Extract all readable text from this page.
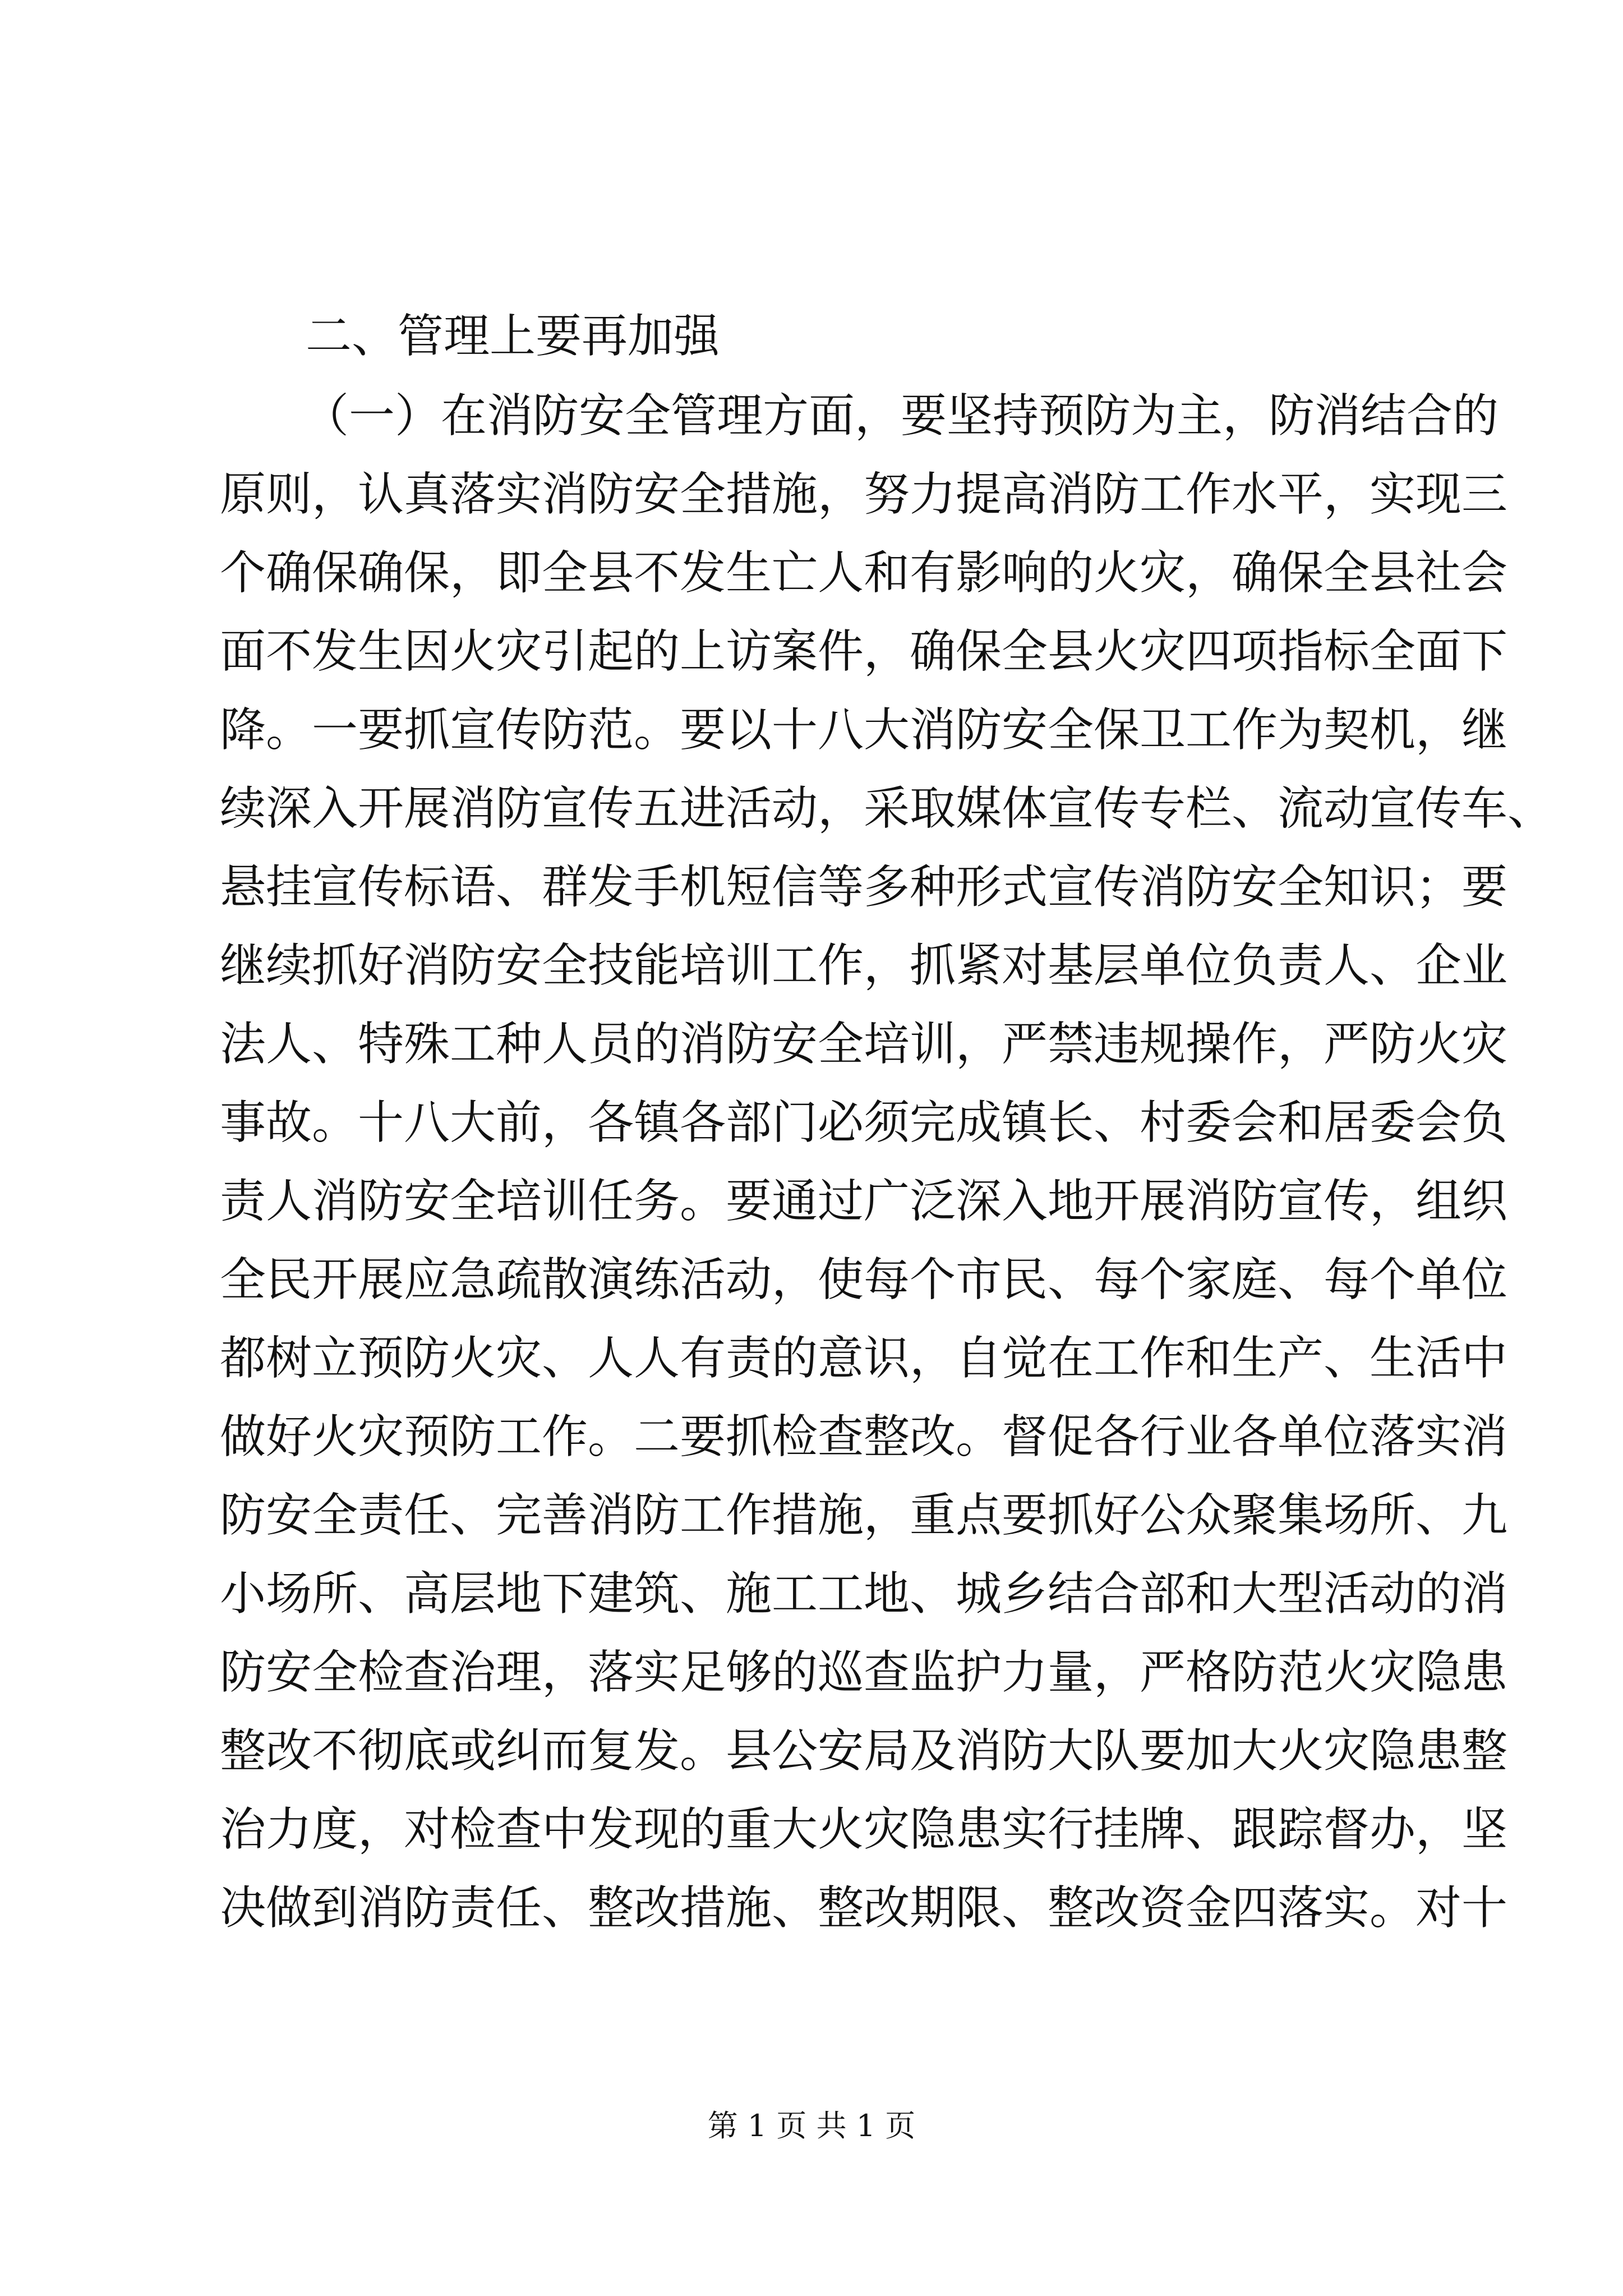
二、管理上要再加强
（一）在消防安全管理方面，要坚持预防为主，防消结合的
原则，认真落实消防安全措施，努力提高消防工作水平，实现三
个确保确保，即全县不发生亡人和有影响的火灾，确保全县社会
面不发生因火灾引起的上访案件，确保全县火灾四项指标全面下
降。一要抓宣传防范。要以十八大消防安全保卫工作为契机，继
续深入开展消防宣传五进活动，采取媒体宣传专栏、流动宣传车、
悬挂宣传标语、群发手机短信等多种形式宣传消防安全知识；要
继续抓好消防安全技能培训工作，抓紧对基层单位负责人、企业
法人、特殊工种人员的消防安全培训，严禁违规操作，严防火灾
事故。十八大前，各镇各部门必须完成镇长、村委会和居委会负
责人消防安全培训任务。要通过广泛深入地开展消防宣传，组织
全民开展应急疏散演练活动，使每个市民、每个家庭、每个单位
都树立预防火灾、人人有责的意识，自觉在工作和生产、生活中
做好火灾预防工作。二要抓检查整改。督促各行业各单位落实消
防安全责任、完善消防工作措施，重点要抓好公众聚集场所、九
小场所、高层地下建筑、施工工地、城乡结合部和大型活动的消
防安全检查治理，落实足够的巡查监护力量，严格防范火灾隐患
整改不彻底或纠而复发。县公安局及消防大队要加大火灾隐患整
治力度，对检查中发现的重大火灾隐患实行挂牌、跟踪督办，坚
决做到消防责任、整改措施、整改期限、整改资金四落实。对十
第 1 页 共 1 页
